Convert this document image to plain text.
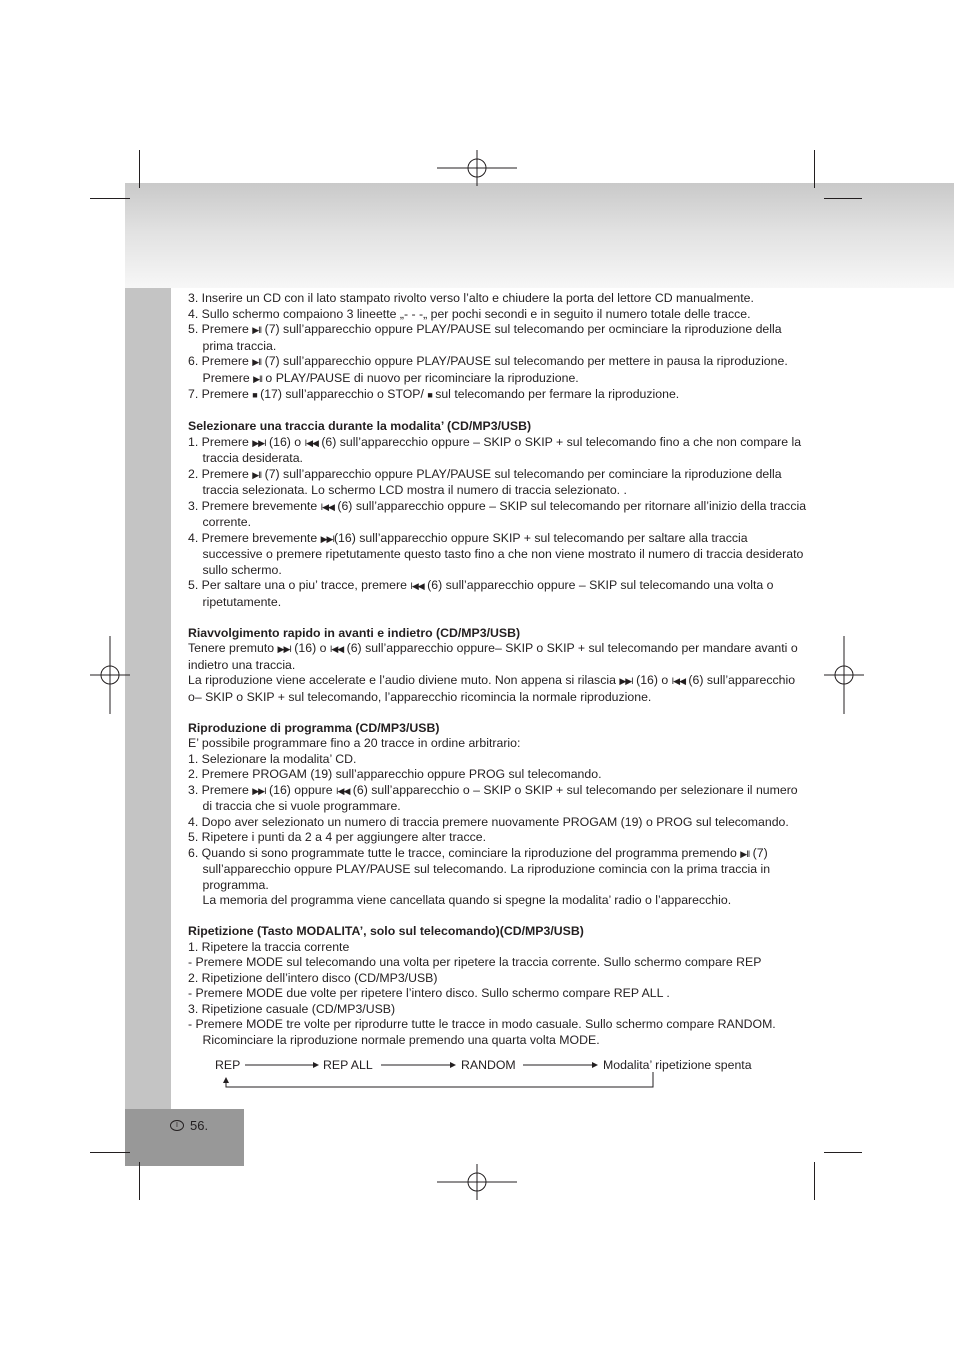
3. Inserire un CD con il lato stampato rivolto verso l’alto e chiudere la porta del lettore CD manualmente.

4. Sullo schermo compaiono 3 lineette „- - -„ per pochi secondi e in seguito il numero totale delle tracce.

5. Premere ▶II (7) sull’apparecchio oppure PLAY/PAUSE sul telecomando per ocminciare la riproduzione della prima traccia.

6. Premere ▶II (7) sull’apparecchio oppure PLAY/PAUSE sul telecomando per mettere in pausa la riproduzione. Premere ▶II o PLAY/PAUSE di nuovo per ricominciare la riproduzione.

7. Premere ■ (17) sull’apparecchio o STOP/ ■ sul telecomando per fermare la riproduzione.

Selezionare una traccia durante la modalita’ (CD/MP3/USB)

1. Premere ▶▶I (16) o I◀◀ (6) sull’apparecchio oppure – SKIP o SKIP + sul telecomando fino a che non compare la traccia desiderata.

2. Premere ▶II (7) sull’apparecchio oppure PLAY/PAUSE sul telecomando per cominciare la riproduzione della traccia selezionata. Lo schermo LCD mostra il numero di traccia selezionato. .

3. Premere brevemente I◀◀ (6) sull’apparecchio oppure – SKIP sul telecomando per ritornare all’inizio della traccia corrente.

4. Premere brevemente ▶▶I(16) sull’apparecchio oppure SKIP + sul telecomando per saltare alla traccia successive o premere ripetutamente questo tasto fino a che non viene mostrato il numero di traccia desiderato sullo schermo.

5. Per saltare una o piu’ tracce, premere I◀◀ (6) sull’apparecchio oppure – SKIP sul telecomando una volta o ripetutamente.

Riavvolgimento rapido in avanti e indietro (CD/MP3/USB)

Tenere premuto ▶▶I (16) o I◀◀ (6) sull’apparecchio oppure– SKIP o SKIP + sul telecomando per mandare avanti o indietro una traccia.

La riproduzione viene accelerate e l’audio diviene muto. Non appena si rilascia ▶▶I (16) o I◀◀ (6) sull’apparecchio o– SKIP o SKIP + sul telecomando, l’apparecchio ricomincia la normale riproduzione.

Riproduzione di programma (CD/MP3/USB)

E’ possibile programmare fino a 20 tracce in ordine arbitrario:

1. Selezionare la modalita’ CD.

2. Premere PROGAM (19) sull’apparecchio oppure PROG sul telecomando.

3. Premere ▶▶I (16) oppure I◀◀ (6) sull’apparecchio o – SKIP o SKIP + sul telecomando per selezionare il numero di traccia che si vuole programmare.

4. Dopo aver selezionato un numero di traccia premere nuovamente PROGAM (19) o PROG sul telecomando.

5. Ripetere i punti da 2 a 4 per aggiungere alter tracce.

6. Quando si sono programmate tutte le tracce, cominciare la riproduzione del programma premendo ▶II (7) sull’apparecchio oppure PLAY/PAUSE sul telecomando. La riproduzione comincia con la prima traccia in programma.

La memoria del programma viene cancellata quando si spegne la modalita’ radio o l’apparecchio.

Ripetizione (Tasto MODALITA’, solo sul telecomando)(CD/MP3/USB)

1. Ripetere la traccia corrente

- Premere MODE sul telecomando una volta per ripetere la traccia corrente. Sullo schermo compare REP

2. Ripetizione dell’intero disco (CD/MP3/USB)

- Premere MODE due volte per ripetere l’intero disco. Sullo schermo compare REP ALL .

3. Ripetizione casuale (CD/MP3/USB)

- Premere MODE tre volte per riprodurre tutte le tracce in modo casuale. Sullo schermo compare RANDOM. Ricominciare la riproduzione normale premendo una quarta volta MODE.

REP	REP ALL	RANDOM	Modalita’ ripetizione spenta
I 56.
